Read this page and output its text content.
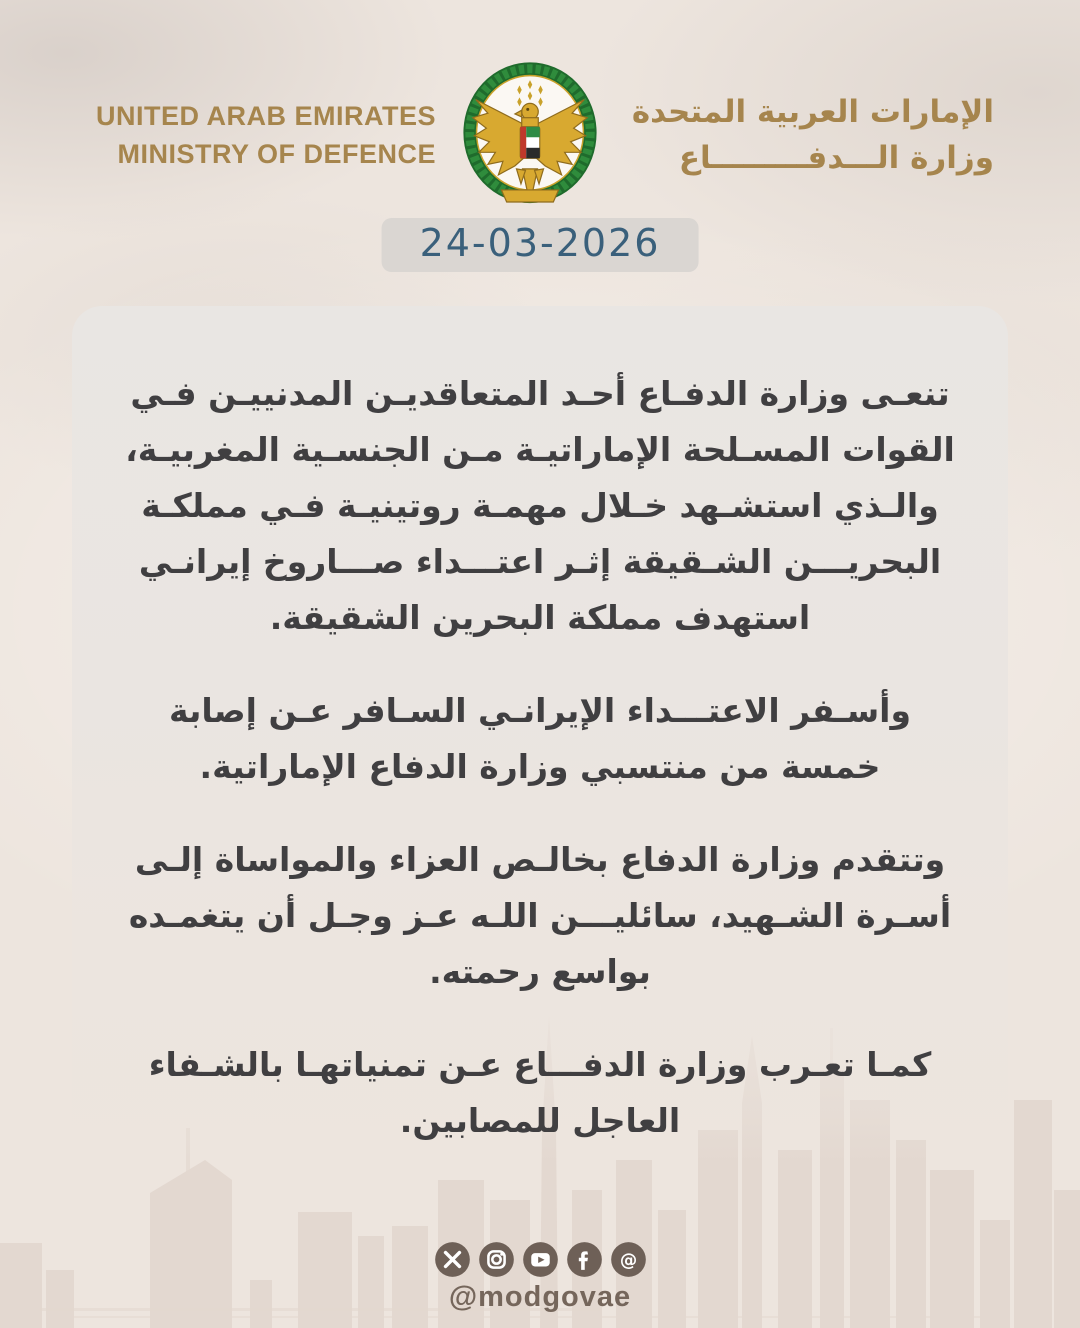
UNITED ARAB EMIRATES
MINISTRY OF DEFENCE
الإمارات العربية المتحدة
وزارة الـــدفـــــــــاع
24-03-2026

تنعـى وزارة الدفـاع أحـد المتعاقديـن المدنييـن فـي القوات المسـلحة الإماراتيـة مـن الجنسـية المغربيـة، والـذي استشـهد خـلال مهمـة روتينيـة فـي مملكـة البحريـــن الشـقيقة إثـر اعتـــداء صـــاروخ إيرانـي استهدف مملكة البحرين الشقيقة.

وأسـفر الاعتـــداء الإيرانـي السـافر عـن إصابة خمسة من منتسبي وزارة الدفاع الإماراتية.

وتتقدم وزارة الدفاع بخالـص العزاء والمواساة إلـى أسـرة الشـهيد، سائليـــن اللـه عـز وجـل أن يتغمـده بواسع رحمته.

كمـا تعـرب وزارة الدفـــاع عـن تمنياتهـا بالشـفاء العاجل للمصابين.

@
@modgovae
